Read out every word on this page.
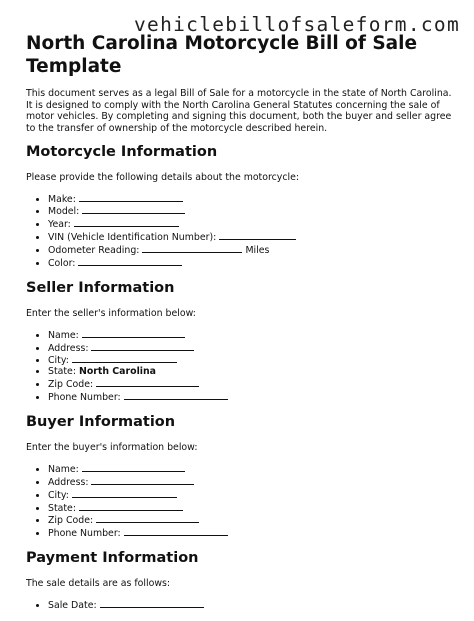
vehiclebillofsaleform.com
North Carolina Motorcycle Bill of Sale Template

This document serves as a legal Bill of Sale for a motorcycle in the state of North Carolina. It is designed to comply with the North Carolina General Statutes concerning the sale of motor vehicles. By completing and signing this document, both the buyer and seller agree to the transfer of ownership of the motorcycle described herein.

Motorcycle Information

Please provide the following details about the motorcycle:

• Make:
• Model:
• Year:
• VIN (Vehicle Identification Number):
• Odometer Reading:	Miles
• Color:
Seller Information

Enter the seller's information below:

• Name:
• Address:
• City:
• State: North Carolina
• Zip Code:
• Phone Number:
Buyer Information

Enter the buyer's information below:

• Name:
• Address:
• City:
• State:
• Zip Code:
• Phone Number:
Payment Information

The sale details are as follows:

• Sale Date:
